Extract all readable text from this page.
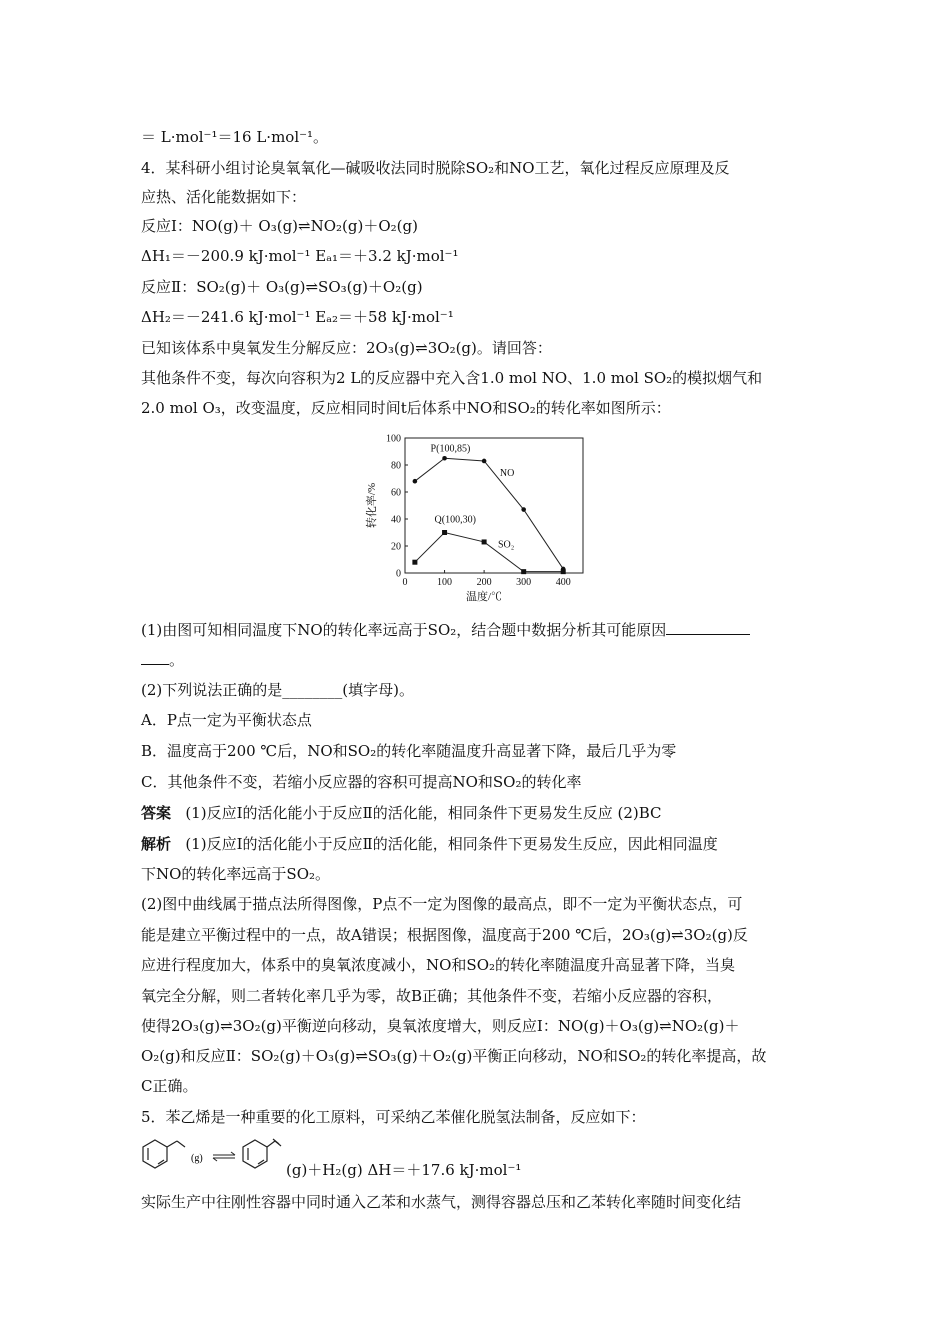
＝ L·mol⁻¹＝16 L·mol⁻¹。
4．某科研小组讨论臭氧氧化—碱吸收法同时脱除SO₂和NO工艺，氧化过程反应原理及反
应热、活化能数据如下：
反应Ⅰ：NO(g)＋ O₃(g)⇌NO₂(g)＋O₂(g)
ΔH₁＝－200.9 kJ·mol⁻¹ Eₐ₁＝＋3.2 kJ·mol⁻¹
反应Ⅱ：SO₂(g)＋ O₃(g)⇌SO₃(g)＋O₂(g)
ΔH₂＝－241.6 kJ·mol⁻¹ Eₐ₂＝＋58 kJ·mol⁻¹
已知该体系中臭氧发生分解反应：2O₃(g)⇌3O₂(g)。请回答：
其他条件不变，每次向容积为2 L的反应器中充入含1.0 mol NO、1.0 mol SO₂的模拟烟气和
2.0 mol O₃，改变温度，反应相同时间t后体系中NO和SO₂的转化率如图所示：
0	100 200 300 400
0
20
40
60
80
100
温度/℃
转化率/%
P(100,85)
Q(100,30)
NO
SO₂
(1)由图可知相同温度下NO的转化率远高于SO₂，结合题中数据分析其可能原因
。
(2)下列说法正确的是________(填字母)。
A．P点一定为平衡状态点
B．温度高于200 ℃后，NO和SO₂的转化率随温度升高显著下降，最后几乎为零
C．其他条件不变，若缩小反应器的容积可提高NO和SO₂的转化率
答案 (1)反应Ⅰ的活化能小于反应Ⅱ的活化能，相同条件下更易发生反应 (2)BC
解析 (1)反应Ⅰ的活化能小于反应Ⅱ的活化能，相同条件下更易发生反应，因此相同温度
下NO的转化率远高于SO₂。
(2)图中曲线属于描点法所得图像，P点不一定为图像的最高点，即不一定为平衡状态点，可
能是建立平衡过程中的一点，故A错误；根据图像，温度高于200 ℃后，2O₃(g)⇌3O₂(g)反
应进行程度加大，体系中的臭氧浓度减小，NO和SO₂的转化率随温度升高显著下降，当臭
氧完全分解，则二者转化率几乎为零，故B正确；其他条件不变，若缩小反应器的容积，
使得2O₃(g)⇌3O₂(g)平衡逆向移动，臭氧浓度增大，则反应Ⅰ：NO(g)＋O₃(g)⇌NO₂(g)＋
O₂(g)和反应Ⅱ：SO₂(g)＋O₃(g)⇌SO₃(g)＋O₂(g)平衡正向移动，NO和SO₂的转化率提高，故
C正确。
5．苯乙烯是一种重要的化工原料，可采纳乙苯催化脱氢法制备，反应如下：
(g)
(g)＋H₂(g) ΔH＝＋17.6 kJ·mol⁻¹
实际生产中往刚性容器中同时通入乙苯和水蒸气，测得容器总压和乙苯转化率随时间变化结
